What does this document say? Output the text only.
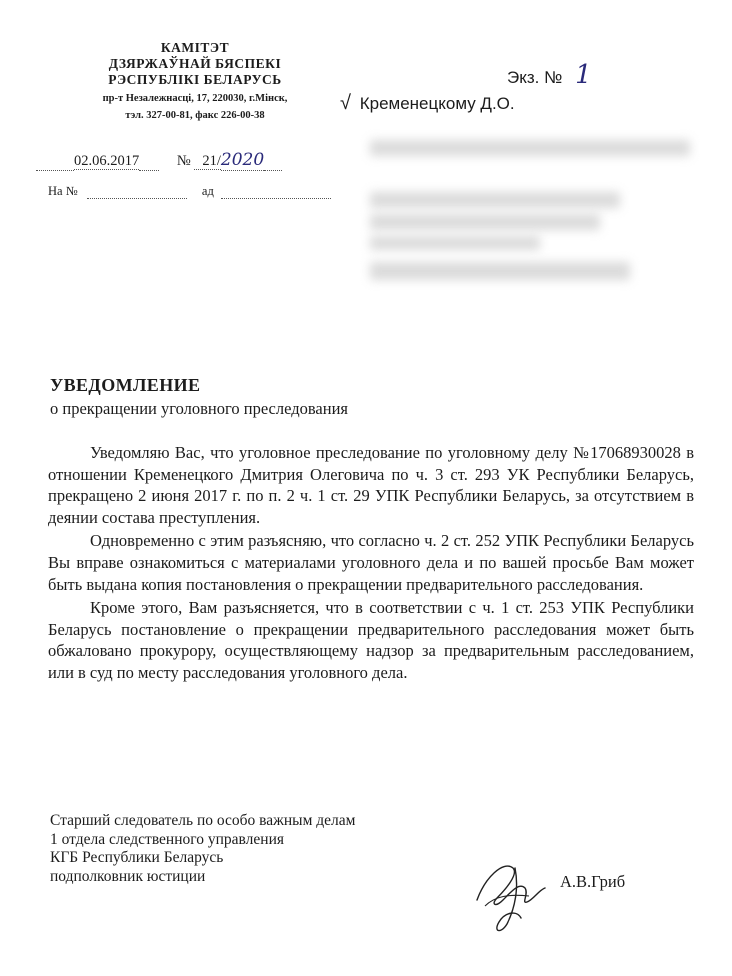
КАМІТЭТ
ДЗЯРЖАЎНАЙ БЯСПЕКІ
РЭСПУБЛІКІ БЕЛАРУСЬ
пр-т Незалежнасці, 17, 220030, г.Мінск,
тэл. 327-00-81, факс 226-00-38
02.06.2017	№ 21/2020
На №	ад
Экз. № 1
√ Кременецкому Д.О.
УВЕДОМЛЕНИЕ
о прекращении уголовного преследования

Уведомляю Вас, что уголовное преследование по уголовному делу №17068930028 в отношении Кременецкого Дмитрия Олеговича по ч. 3 ст. 293 УК Республики Беларусь, прекращено 2 июня 2017 г. по п. 2 ч. 1 ст. 29 УПК Республики Беларусь, за отсутствием в деянии состава преступления.

Одновременно с этим разъясняю, что согласно ч. 2 ст. 252 УПК Республики Беларусь Вы вправе ознакомиться с материалами уголовного дела и по вашей просьбе Вам может быть выдана копия постановления о прекращении предварительного расследования.

Кроме этого, Вам разъясняется, что в соответствии с ч. 1 ст. 253 УПК Республики Беларусь постановление о прекращении предварительного расследования может быть обжаловано прокурору, осуществляющему надзор за предварительным расследованием, или в суд по месту расследования уголовного дела.

Старший следователь по особо важным делам
1 отдела следственного управления
КГБ Республики Беларусь
подполковник юстиции	А.В.Гриб
